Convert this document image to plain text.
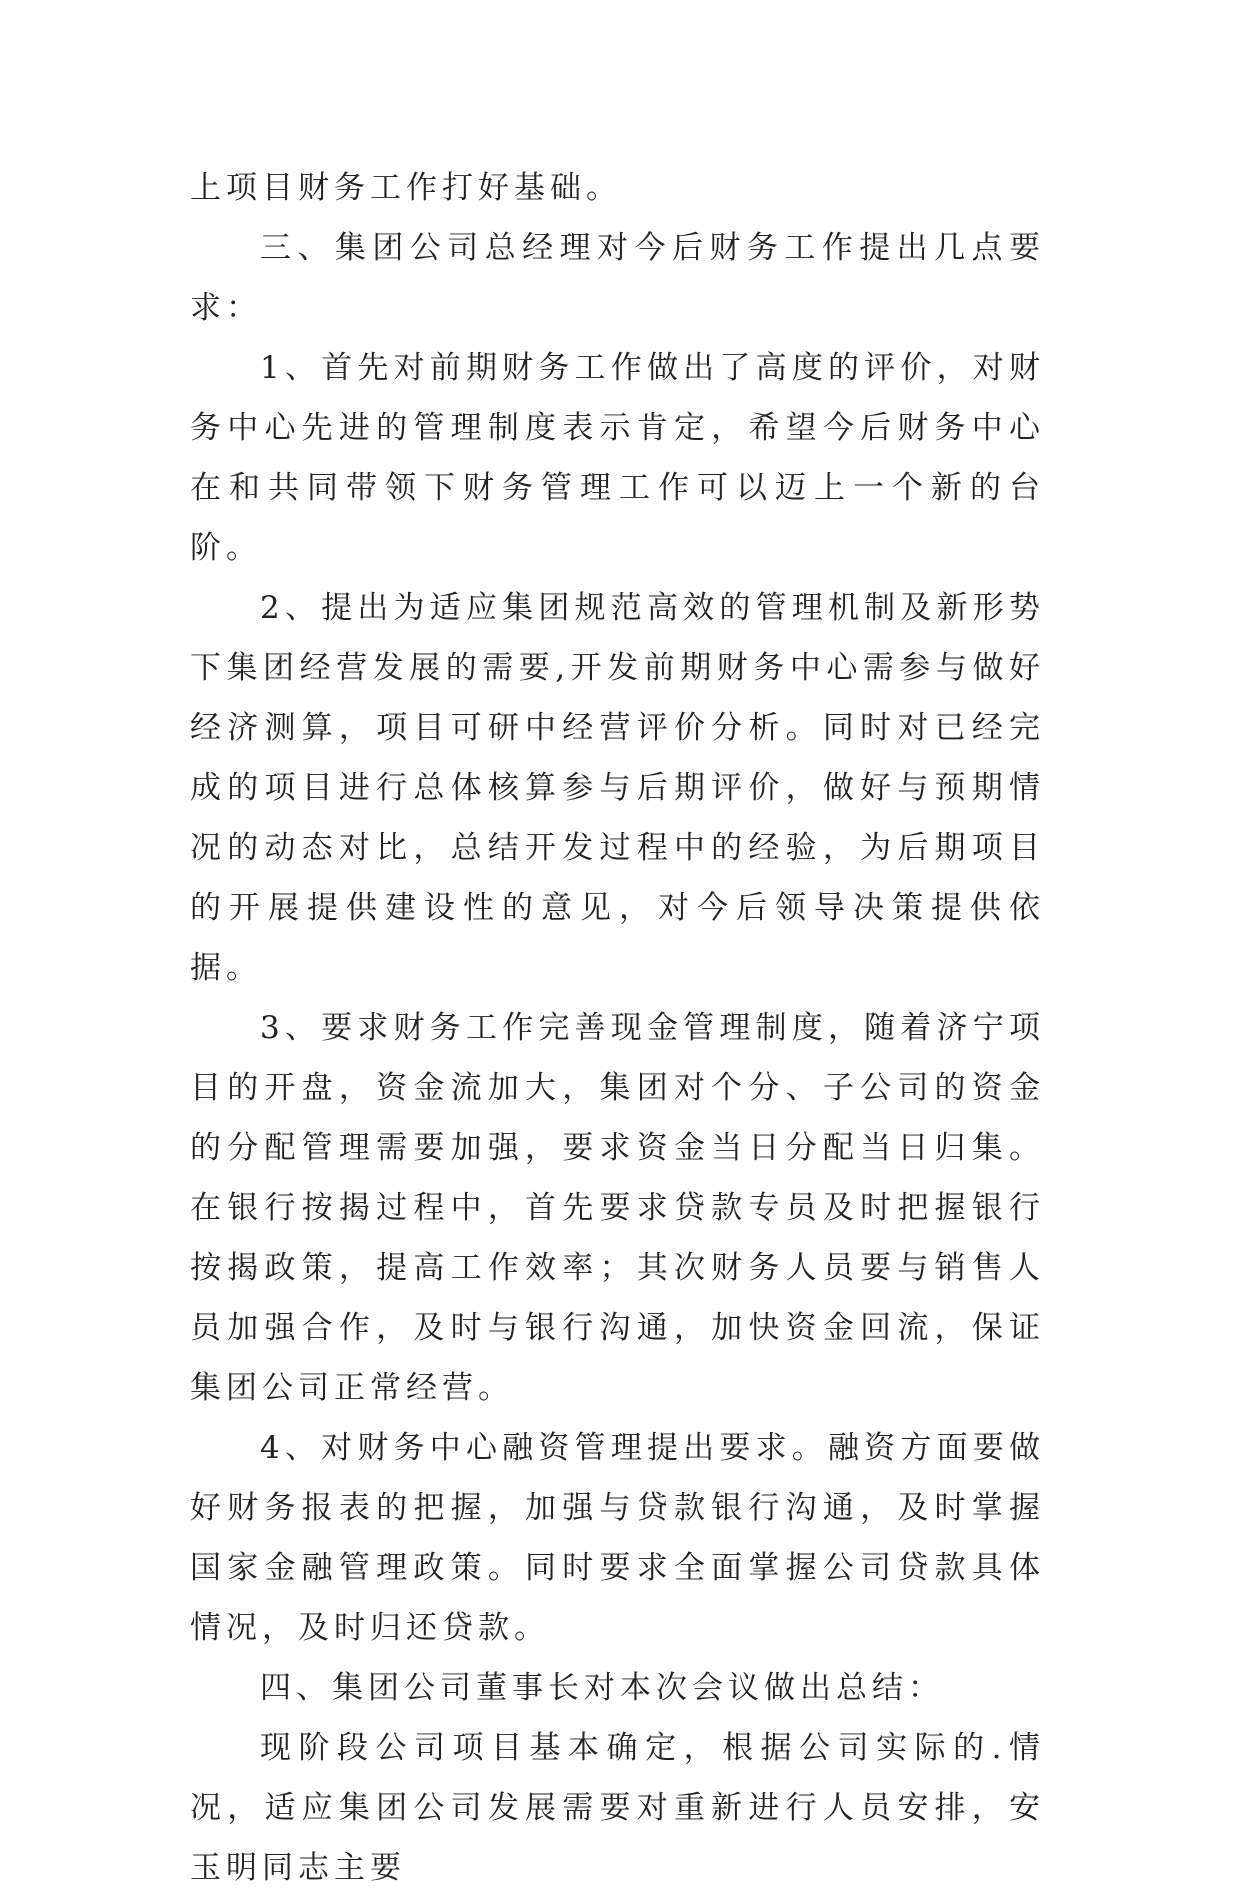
上项目财务工作打好基础。

三、集团公司总经理对今后财务工作提出几点要求：

1、首先对前期财务工作做出了高度的评价，对财务中心先进的管理制度表示肯定，希望今后财务中心在和共同带领下财务管理工作可以迈上一个新的台阶。

2、提出为适应集团规范高效的管理机制及新形势下集团经营发展的需要,开发前期财务中心需参与做好经济测算，项目可研中经营评价分析。同时对已经完成的项目进行总体核算参与后期评价，做好与预期情况的动态对比，总结开发过程中的经验，为后期项目的开展提供建设性的意见，对今后领导决策提供依据。

3、要求财务工作完善现金管理制度，随着济宁项目的开盘，资金流加大，集团对个分、子公司的资金的分配管理需要加强，要求资金当日分配当日归集。在银行按揭过程中，首先要求贷款专员及时把握银行按揭政策，提高工作效率；其次财务人员要与销售人员加强合作，及时与银行沟通，加快资金回流，保证集团公司正常经营。

4、对财务中心融资管理提出要求。融资方面要做好财务报表的把握，加强与贷款银行沟通，及时掌握国家金融管理政策。同时要求全面掌握公司贷款具体情况，及时归还贷款。

四、集团公司董事长对本次会议做出总结：

现阶段公司项目基本确定，根据公司实际的.情况，适应集团公司发展需要对重新进行人员安排，安玉明同志主要
